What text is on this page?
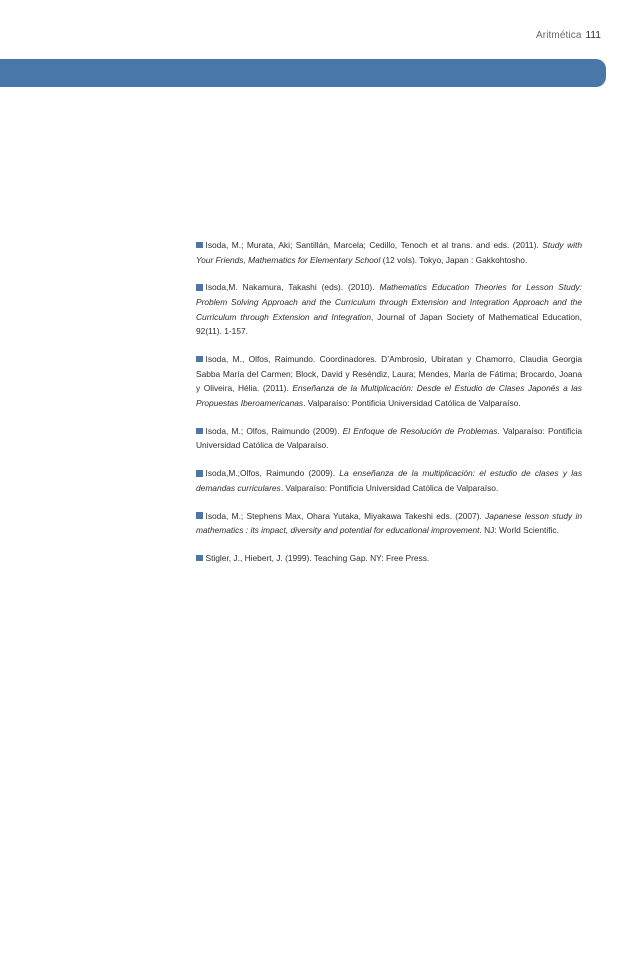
Aritmética 111

Isoda, M.; Murata, Aki; Santillán, Marcela; Cedillo, Tenoch et al trans. and eds. (2011). Study with Your Friends, Mathematics for Elementary School (12 vols). Tokyo, Japan : Gakkohtosho.

Isoda,M. Nakamura, Takashi (eds). (2010). Mathematics Education Theories for Lesson Study: Problem Solving Approach and the Curriculum through Extension and Integration Approach and the Curriculum through Extension and Integration, Journal of Japan Society of Mathematical Education, 92(11). 1-157.

Isoda, M., Olfos, Raimundo. Coordinadores. D’Ambrosio, Ubiratan y Chamorro, Claudia Georgia Sabba María del Carmen; Block, David y Reséndiz, Laura; Mendes, María de Fátima; Brocardo, Joana y Oliveira, Hélia. (2011). Enseñanza de la Multiplicación: Desde el Estudio de Clases Japonés a las Propuestas Iberoamericanas. Valparaíso: Pontificia Universidad Católica de Valparaíso.

Isoda, M.; Olfos, Raimundo (2009). El Enfoque de Resolución de Problemas. Valparaíso: Pontificia Universidad Católica de Valparaíso.

Isoda,M.;Olfos, Raimundo (2009). La enseñanza de la multiplicación: el estudio de clases y las demandas curriculares. Valparaíso: Pontificia Universidad Católica de Valparaíso.

Isoda, M.; Stephens Max, Ohara Yutaka, Miyakawa Takeshi eds. (2007). Japanese lesson study in mathematics : its impact, diversity and potential for educational improvement. NJ: World Scientific.

Stigler, J., Hiebert, J. (1999). Teaching Gap. NY: Free Press.
